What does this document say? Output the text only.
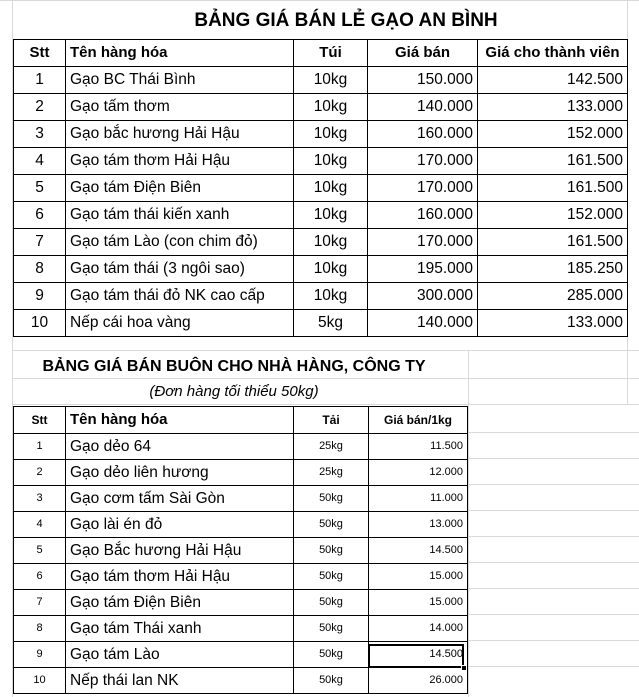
BẢNG GIÁ BÁN LẺ GẠO AN BÌNH
Stt	Tên hàng hóa	Túi	Giá bán	Giá cho thành viên
1	Gạo BC Thái Bình	10kg	150.000	142.500
2	Gạo tấm thơm	10kg	140.000	133.000
3	Gạo bắc hương Hải Hậu	10kg	160.000	152.000
4	Gạo tám thơm Hải Hậu	10kg	170.000	161.500
5	Gạo tám Điện Biên	10kg	170.000	161.500
6	Gạo tám thái kiến xanh	10kg	160.000	152.000
7	Gạo tám Lào (con chim đỏ)	10kg	170.000	161.500
8	Gạo tám thái (3 ngôi sao)	10kg	195.000	185.250
9	Gạo tám thái đỏ NK cao cấp	10kg	300.000	285.000
10	Nếp cái hoa vàng	5kg	140.000	133.000
BẢNG GIÁ BÁN BUÔN CHO NHÀ HÀNG, CÔNG TY
(Đơn hàng tối thiểu 50kg)
Stt	Tên hàng hóa	Tải	Giá bán/1kg
1	Gạo dẻo 64	25kg	11.500
2	Gạo dẻo liên hương	25kg	12.000
3	Gạo cơm tấm Sài Gòn	50kg	11.000
4	Gạo lài én đỏ	50kg	13.000
5	Gạo Bắc hương Hải Hậu	50kg	14.500
6	Gạo tám thơm Hải Hậu	50kg	15.000
7	Gạo tám Điện Biên	50kg	15.000
8	Gạo tám Thái xanh	50kg	14.000
9	Gạo tám Lào	50kg	14.500
10	Nếp thái lan NK	50kg	26.000
